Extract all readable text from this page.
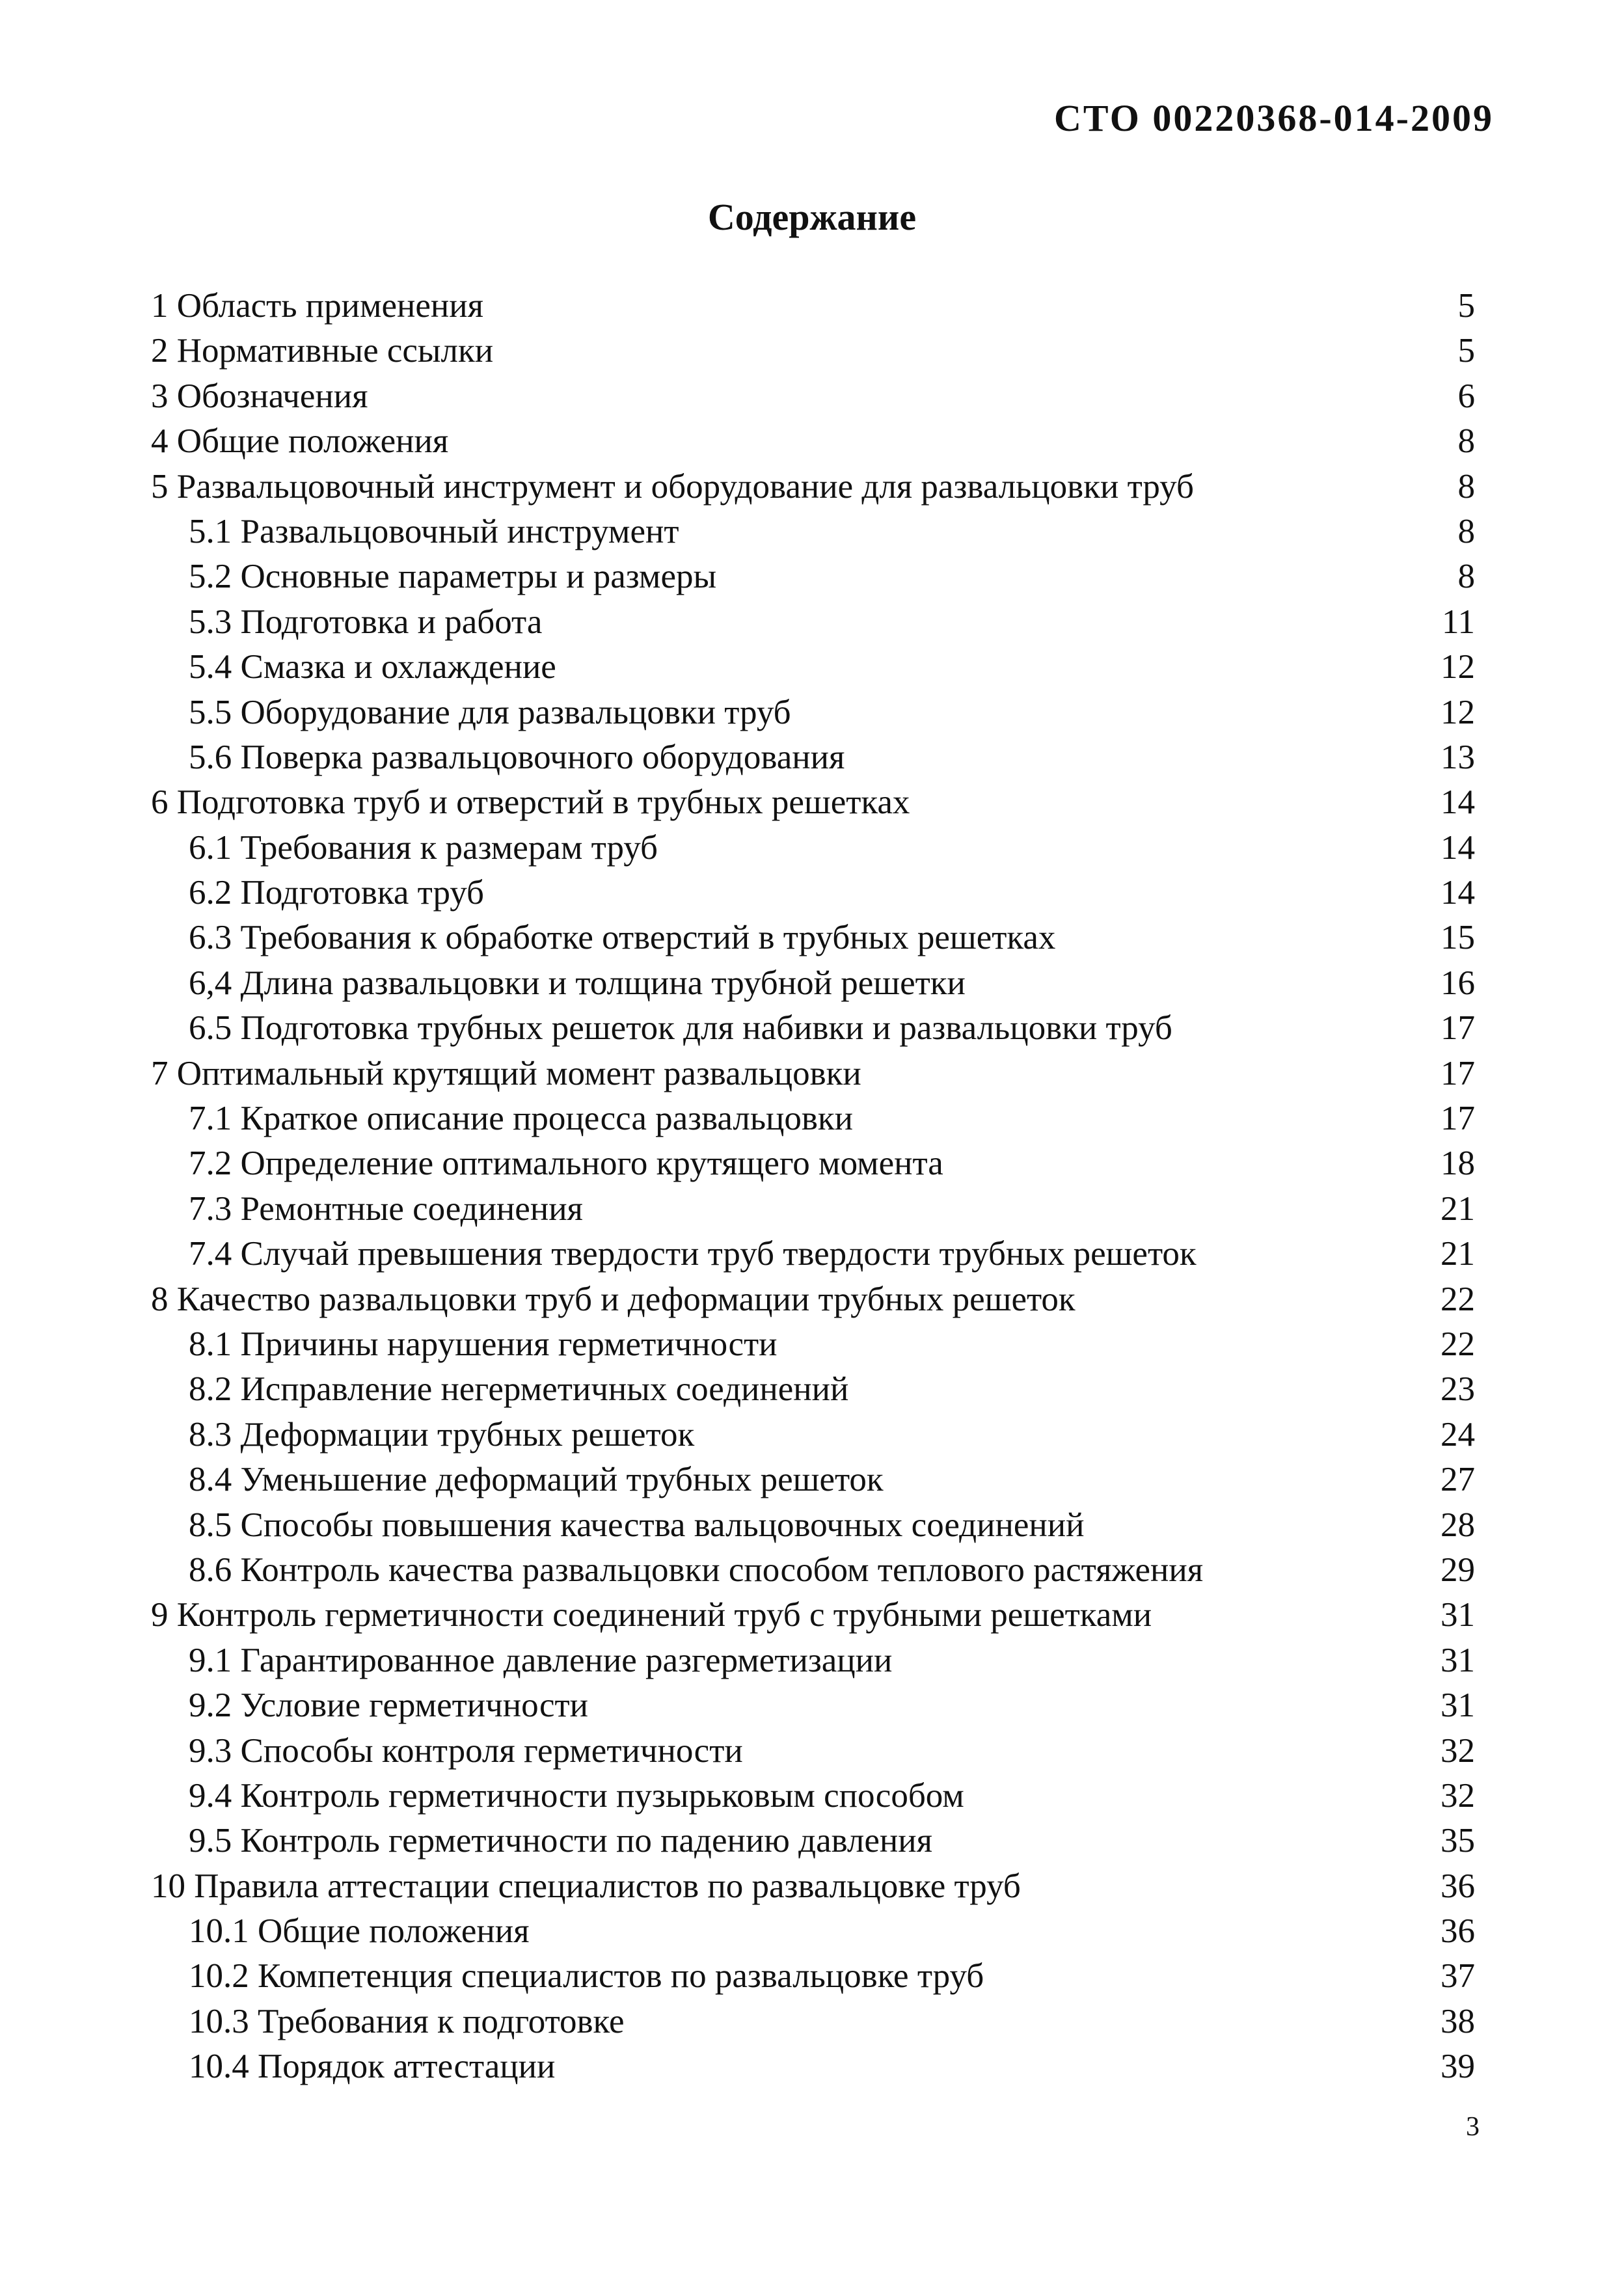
СТО 00220368-014-2009
Содержание
1 Область применения	5
2 Нормативные ссылки	5
3 Обозначения	6
4 Общие положения	8
5 Развальцовочный инструмент и оборудование для развальцовки труб	8
5.1 Развальцовочный инструмент	8
5.2 Основные параметры и размеры	8
5.3 Подготовка и работа	11
5.4 Смазка и охлаждение	12
5.5 Оборудование для развальцовки труб	12
5.6 Поверка развальцовочного оборудования	13
6 Подготовка труб и отверстий в трубных решетках	14
6.1 Требования к размерам труб	14
6.2 Подготовка труб	14
6.3 Требования к обработке отверстий в трубных решетках	15
6,4 Длина развальцовки и толщина трубной решетки	16
6.5 Подготовка трубных решеток для набивки и развальцовки труб	17
7 Оптимальный крутящий момент развальцовки	17
7.1 Краткое описание процесса развальцовки	17
7.2 Определение оптимального крутящего момента	18
7.3 Ремонтные соединения	21
7.4 Случай превышения твердости труб твердости трубных решеток	21
8 Качество развальцовки труб и деформации трубных решеток	22
8.1 Причины нарушения герметичности	22
8.2 Исправление негерметичных соединений	23
8.3 Деформации трубных решеток	24
8.4 Уменьшение деформаций трубных решеток	27
8.5 Способы повышения качества вальцовочных соединений	28
8.6 Контроль качества развальцовки способом теплового растяжения	29
9 Контроль герметичности соединений труб с трубными решетками	31
9.1 Гарантированное давление разгерметизации	31
9.2 Условие герметичности	31
9.3 Способы контроля герметичности	32
9.4 Контроль герметичности пузырьковым способом	32
9.5 Контроль герметичности по падению давления	35
10 Правила аттестации специалистов по развальцовке труб	36
10.1 Общие положения	36
10.2 Компетенция специалистов по развальцовке труб	37
10.3 Требования к подготовке	38
10.4 Порядок аттестации	39
3
